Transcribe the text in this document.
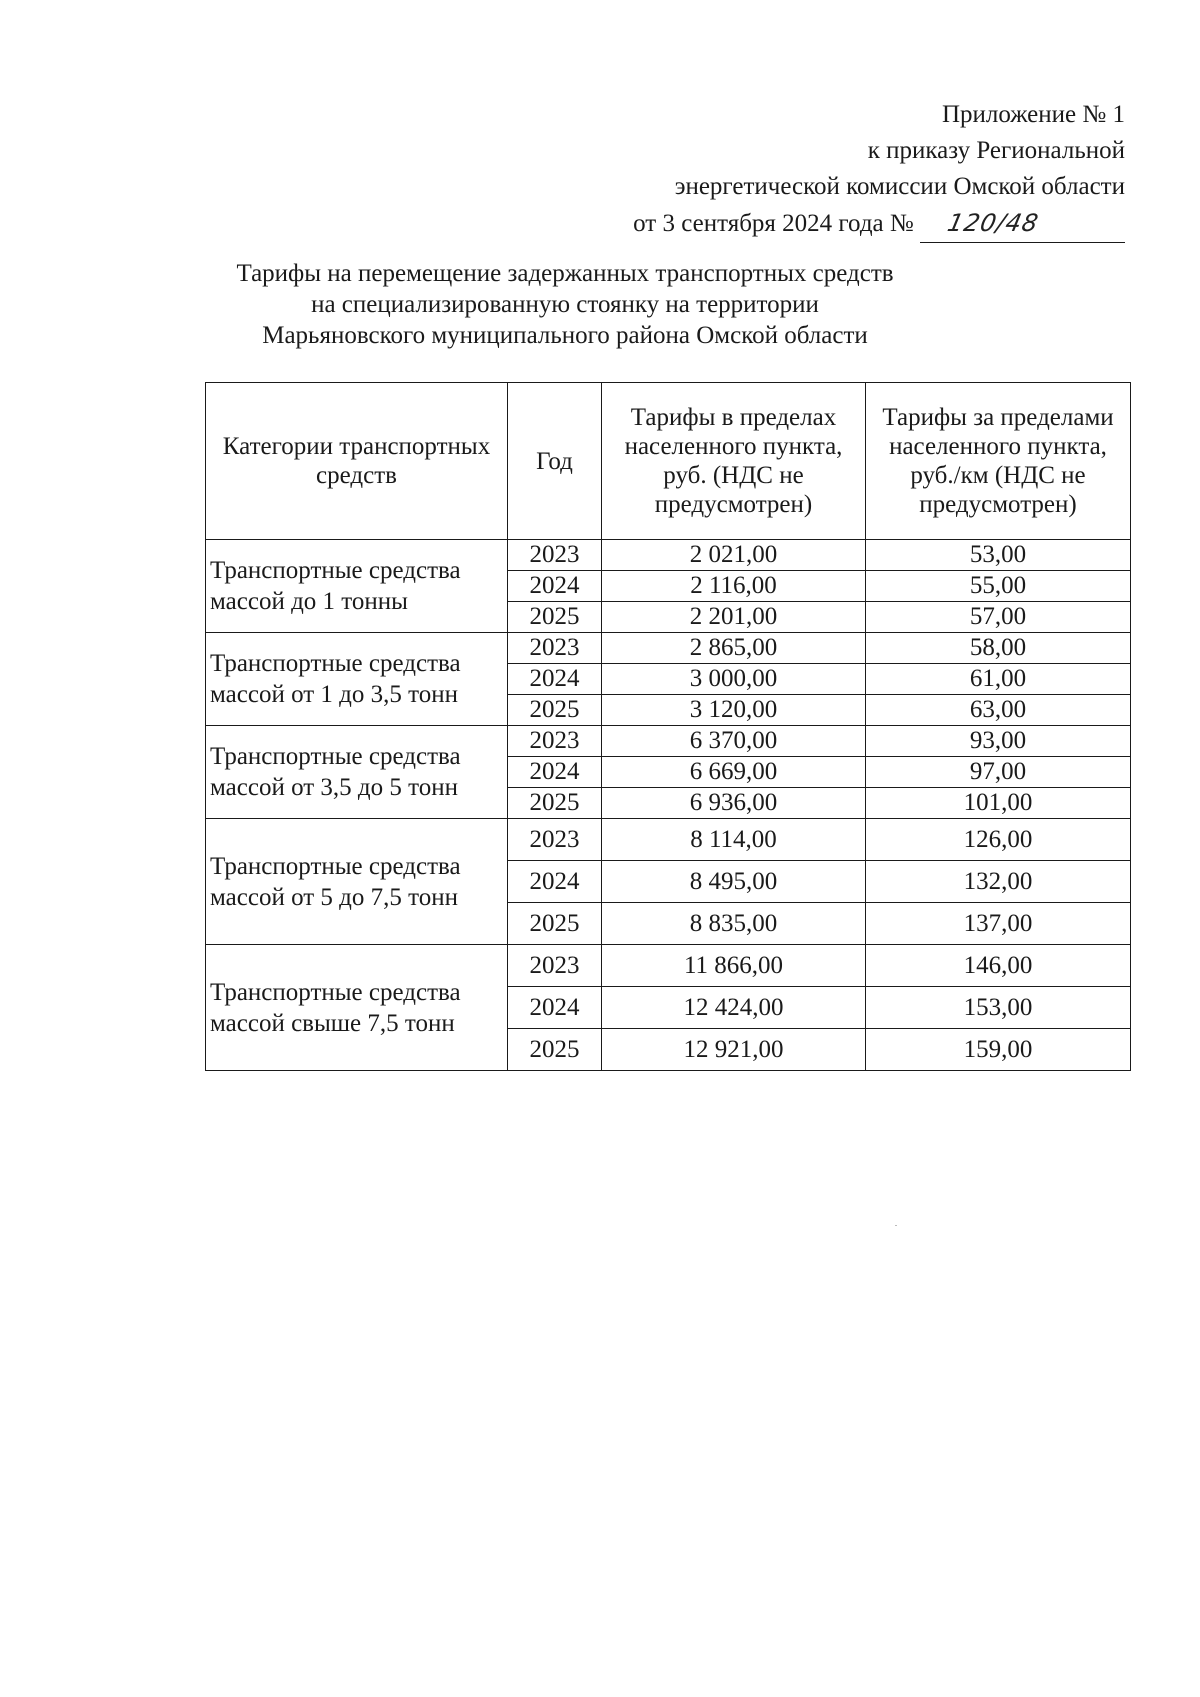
Приложение № 1
к приказу Региональной
энергетической комиссии Омской области
от 3 сентября 2024 года № 120/48
Тарифы на перемещение задержанных транспортных средств
на специализированную стоянку на территории
Марьяновского муниципального района Омской области
Категории транспортных средств	Год	Тарифы в пределах населенного пункта, руб. (НДС не предусмотрен)	Тарифы за пределами населенного пункта, руб./км (НДС не предусмотрен)
Транспортные средства массой до 1 тонны	2023	2 021,00	53,00
	2024	2 116,00	55,00
	2025	2 201,00	57,00
Транспортные средства массой от 1 до 3,5 тонн	2023	2 865,00	58,00
	2024	3 000,00	61,00
	2025	3 120,00	63,00
Транспортные средства массой от 3,5 до 5 тонн	2023	6 370,00	93,00
	2024	6 669,00	97,00
	2025	6 936,00	101,00
Транспортные средства массой от 5 до 7,5 тонн	2023	8 114,00	126,00
	2024	8 495,00	132,00
	2025	8 835,00	137,00
Транспортные средства массой свыше 7,5 тонн	2023	11 866,00	146,00
	2024	12 424,00	153,00
	2025	12 921,00	159,00
